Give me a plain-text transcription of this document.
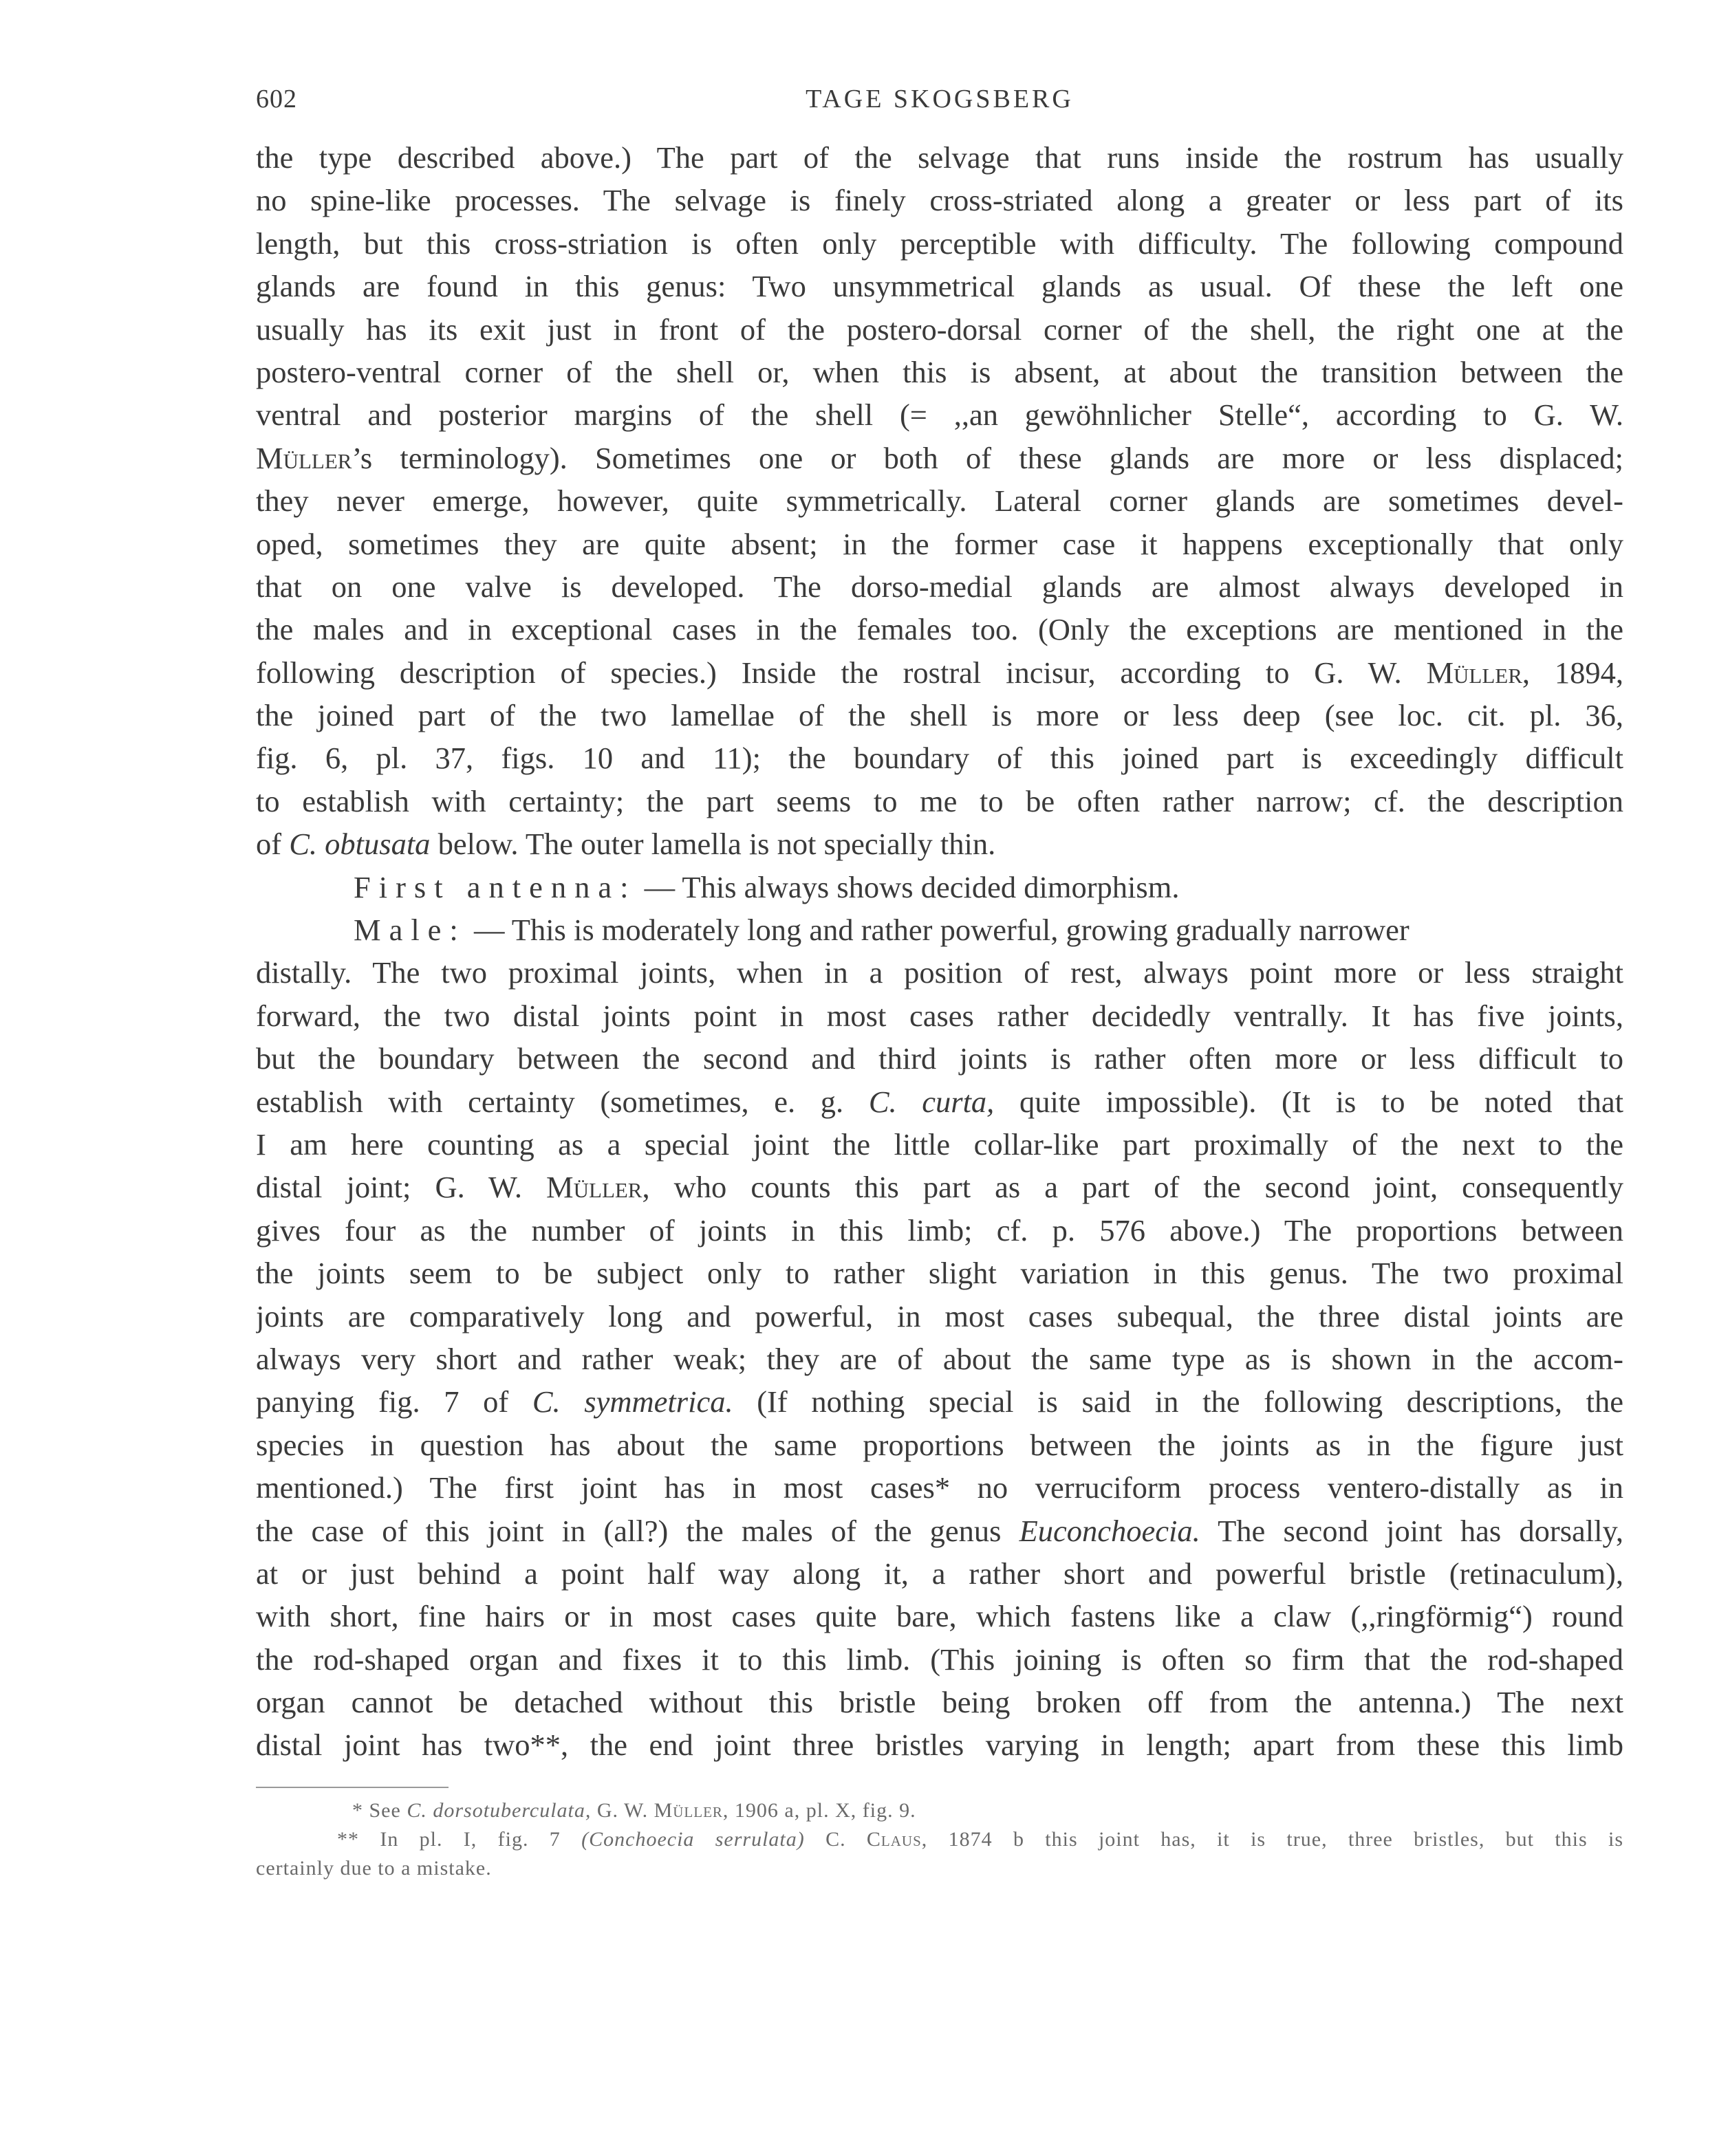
602	TAGE SKOGSBERG
the type described above.) The part of the selvage that runs inside the rostrum has usually
no spine-like processes. The selvage is finely cross-striated along a greater or less part of its
length, but this cross-striation is often only perceptible with difficulty. The following compound
glands are found in this genus: Two unsymmetrical glands as usual. Of these the left one
usually has its exit just in front of the postero-dorsal corner of the shell, the right one at the
postero-ventral corner of the shell or, when this is absent, at about the transition between the
ventral and posterior margins of the shell (= ,,an gewöhnlicher Stelle“, according to G. W.
Müller’s terminology). Sometimes one or both of these glands are more or less displaced;
they never emerge, however, quite symmetrically. Lateral corner glands are sometimes devel-
oped, sometimes they are quite absent; in the former case it happens exceptionally that only
that on one valve is developed. The dorso-medial glands are almost always developed in
the males and in exceptional cases in the females too. (Only the exceptions are mentioned in the
following description of species.) Inside the rostral incisur, according to G. W. Müller, 1894,
the joined part of the two lamellae of the shell is more or less deep (see loc. cit. pl. 36,
fig. 6, pl. 37, figs. 10 and 11); the boundary of this joined part is exceedingly difficult
to establish with certainty; the part seems to me to be often rather narrow; cf. the description
of C. obtusata below. The outer lamella is not specially thin.
First antenna: — This always shows decided dimorphism.
Male: — This is moderately long and rather powerful, growing gradually narrower
distally. The two proximal joints, when in a position of rest, always point more or less straight
forward, the two distal joints point in most cases rather decidedly ventrally. It has five joints,
but the boundary between the second and third joints is rather often more or less difficult to
establish with certainty (sometimes, e. g. C. curta, quite impossible). (It is to be noted that
I am here counting as a special joint the little collar-like part proximally of the next to the
distal joint; G. W. Müller, who counts this part as a part of the second joint, consequently
gives four as the number of joints in this limb; cf. p. 576 above.) The proportions between
the joints seem to be subject only to rather slight variation in this genus. The two proximal
joints are comparatively long and powerful, in most cases subequal, the three distal joints are
always very short and rather weak; they are of about the same type as is shown in the accom-
panying fig. 7 of C. symmetrica. (If nothing special is said in the following descriptions, the
species in question has about the same proportions between the joints as in the figure just
mentioned.) The first joint has in most cases* no verruciform process ventero-distally as in
the case of this joint in (all?) the males of the genus Euconchoecia. The second joint has dorsally,
at or just behind a point half way along it, a rather short and powerful bristle (retinaculum),
with short, fine hairs or in most cases quite bare, which fastens like a claw (,,ringförmig“) round
the rod-shaped organ and fixes it to this limb. (This joining is often so firm that the rod-shaped
organ cannot be detached without this bristle being broken off from the antenna.) The next
distal joint has two**, the end joint three bristles varying in length; apart from these this limb
* See C. dorsotuberculata, G. W. Müller, 1906 a, pl. X, fig. 9.
** In pl. I, fig. 7 (Conchoecia serrulata) C. Claus, 1874 b this joint has, it is true, three bristles, but this is
certainly due to a mistake.
